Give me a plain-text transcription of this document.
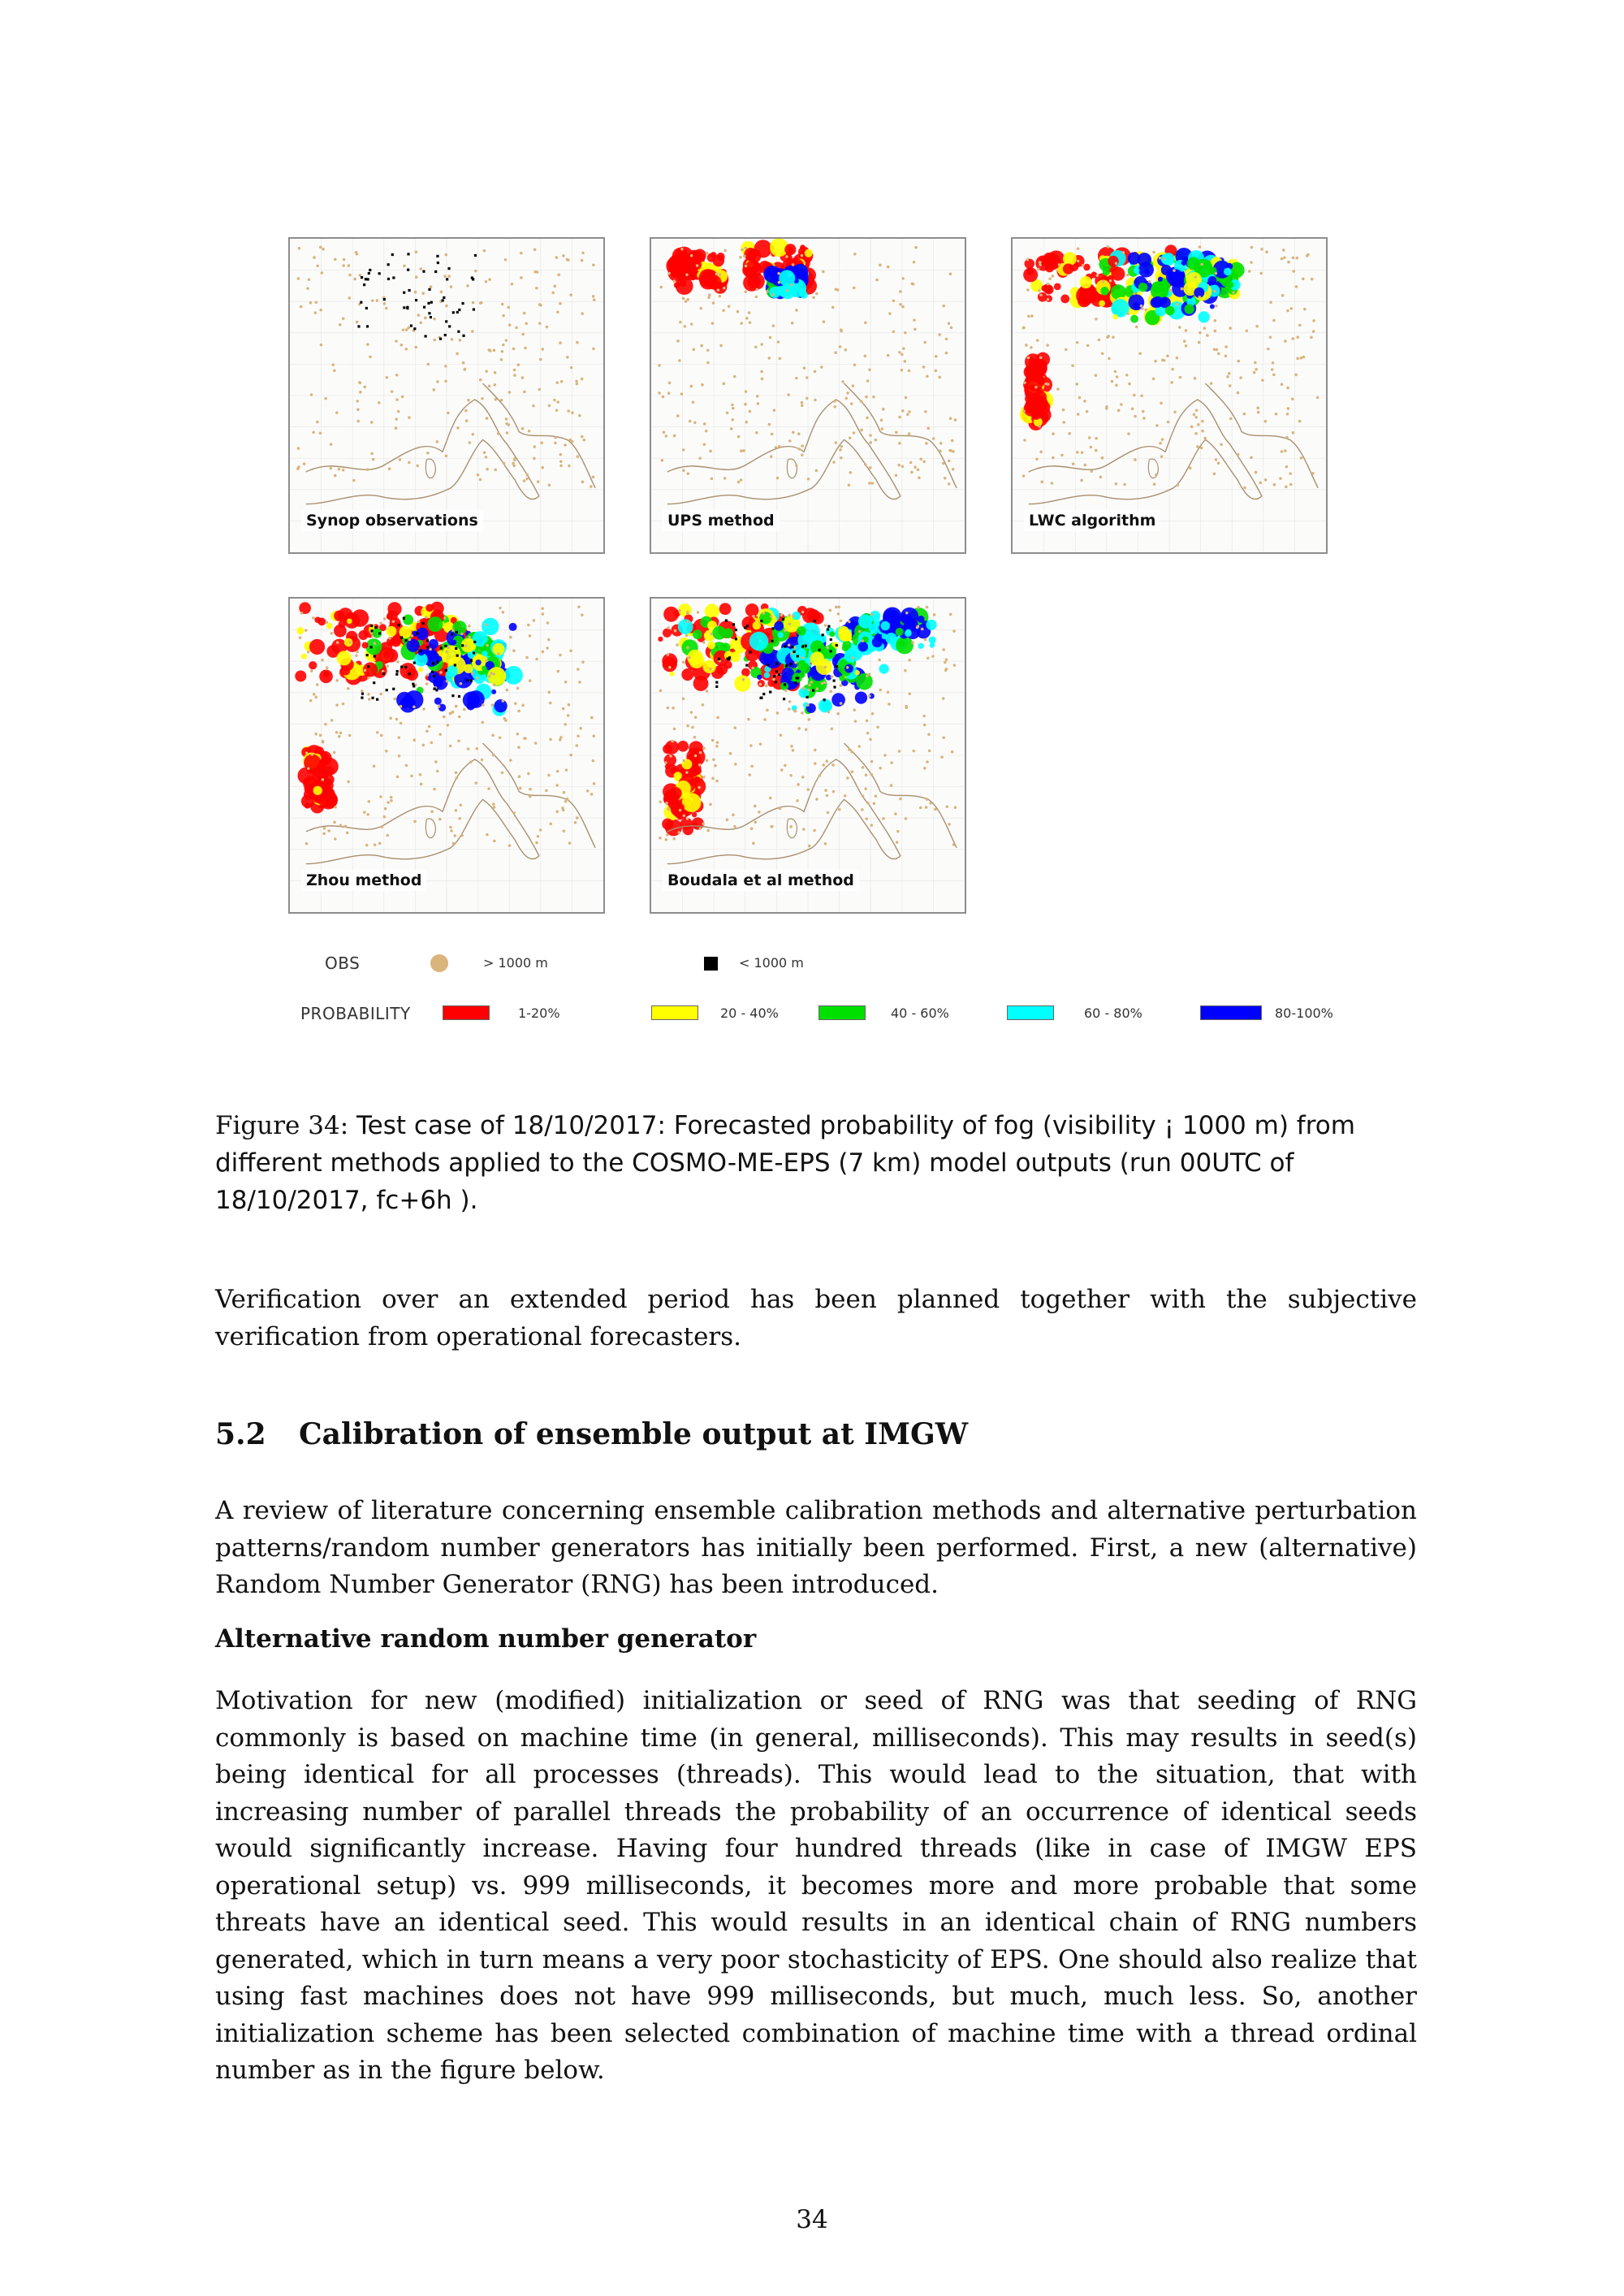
Synop observations	UPS method	LWC algorithm
Zhou method	Boudala et al method
OBS	> 1000 m	< 1000 m
PROBABILITY	1-20%	20 - 40%	40 - 60%	60 - 80%	80-100%
Figure 34: Test case of 18/10/2017: Forecasted probability of fog (visibility ¡ 1000 m) from different methods applied to the COSMO-ME-EPS (7 km) model outputs (run 00UTC of 18/10/2017, fc+6h ).
Verification over an extended period has been planned together with the subjective verification from operational forecasters.
5.2 Calibration of ensemble output at IMGW
A review of literature concerning ensemble calibration methods and alternative perturbation patterns/random number generators has initially been performed. First, a new (alternative) Random Number Generator (RNG) has been introduced.
Alternative random number generator
Motivation for new (modified) initialization or seed of RNG was that seeding of RNG commonly is based on machine time (in general, milliseconds). This may results in seed(s) being identical for all processes (threads). This would lead to the situation, that with increasing number of parallel threads the probability of an occurrence of identical seeds would significantly increase. Having four hundred threads (like in case of IMGW EPS operational setup) vs. 999 milliseconds, it becomes more and more probable that some threats have an identical seed. This would results in an identical chain of RNG numbers generated, which in turn means a very poor stochasticity of EPS. One should also realize that using fast machines does not have 999 milliseconds, but much, much less. So, another initialization scheme has been selected combination of machine time with a thread ordinal number as in the figure below.
34
